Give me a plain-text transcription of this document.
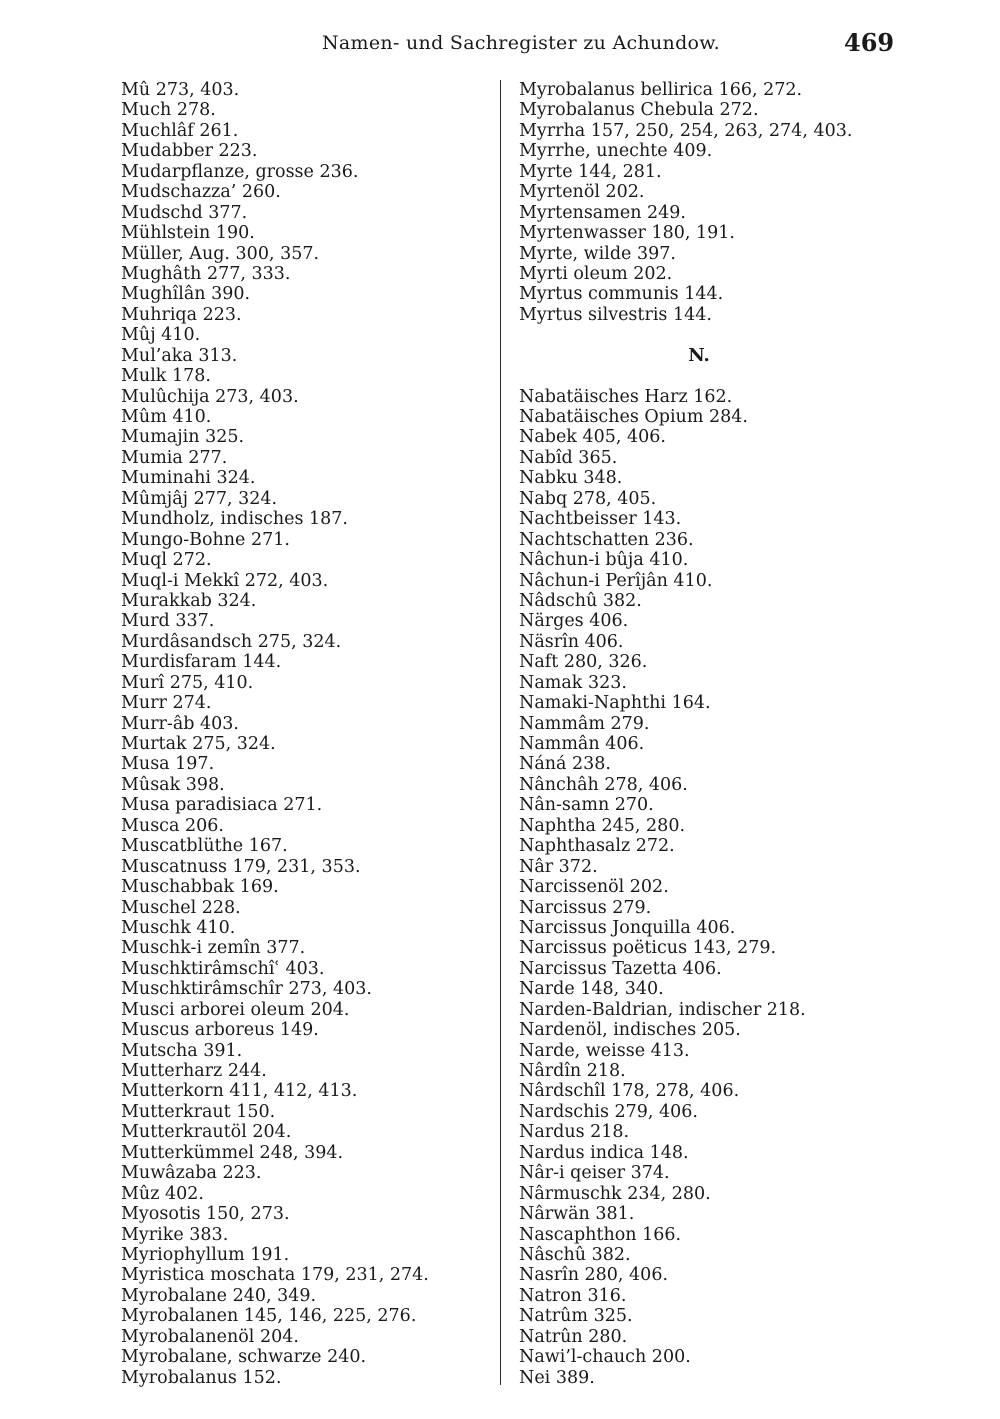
Namen- und Sachregister zu Achundow.	469
Mû 273, 403.
Much 278.
Muchlâf 261.
Mudabber 223.
Mudarpflanze, grosse 236.
Mudschazza’ 260.
Mudschd 377.
Mühlstein 190.
Müller, Aug. 300, 357.
Mughâth 277, 333.
Mughîlân 390.
Muhriqa 223.
Mûj 410.
Mul’aka 313.
Mulk 178.
Mulûchija 273, 403.
Mûm 410.
Mumajin 325.
Mumia 277.
Muminahi 324.
Mûmjâj 277, 324.
Mundholz, indisches 187.
Mungo-Bohne 271.
Muql 272.
Muql-i Mekkî 272, 403.
Murakkab 324.
Murd 337.
Murdâsandsch 275, 324.
Murdisfaram 144.
Murî 275, 410.
Murr 274.
Murr-âb 403.
Murtak 275, 324.
Musa 197.
Mûsak 398.
Musa paradisiaca 271.
Musca 206.
Muscatblüthe 167.
Muscatnuss 179, 231, 353.
Muschabbak 169.
Muschel 228.
Muschk 410.
Muschk-i zemîn 377.
Muschktirâmschîʿ 403.
Muschktirâmschîr 273, 403.
Musci arborei oleum 204.
Muscus arboreus 149.
Mutscha 391.
Mutterharz 244.
Mutterkorn 411, 412, 413.
Mutterkraut 150.
Mutterkrautöl 204.
Mutterkümmel 248, 394.
Muwâzaba 223.
Mûz 402.
Myosotis 150, 273.
Myrike 383.
Myriophyllum 191.
Myristica moschata 179, 231, 274.
Myrobalane 240, 349.
Myrobalanen 145, 146, 225, 276.
Myrobalanenöl 204.
Myrobalane, schwarze 240.
Myrobalanus 152.
Myrobalanus bellirica 166, 272.
Myrobalanus Chebula 272.
Myrrha 157, 250, 254, 263, 274, 403.
Myrrhe, unechte 409.
Myrte 144, 281.
Myrtenöl 202.
Myrtensamen 249.
Myrtenwasser 180, 191.
Myrte, wilde 397.
Myrti oleum 202.
Myrtus communis 144.
Myrtus silvestris 144.
N.
Nabatäisches Harz 162.
Nabatäisches Opium 284.
Nabek 405, 406.
Nabîd 365.
Nabku 348.
Nabq 278, 405.
Nachtbeisser 143.
Nachtschatten 236.
Nâchun-i bûja 410.
Nâchun-i Perîjân 410.
Nâdschû 382.
Närges 406.
Näsrîn 406.
Naft 280, 326.
Namak 323.
Namaki-Naphthi 164.
Nammâm 279.
Nammân 406.
Náná 238.
Nânchâh 278, 406.
Nân-samn 270.
Naphtha 245, 280.
Naphthasalz 272.
Nâr 372.
Narcissenöl 202.
Narcissus 279.
Narcissus Jonquilla 406.
Narcissus poëticus 143, 279.
Narcissus Tazetta 406.
Narde 148, 340.
Narden-Baldrian, indischer 218.
Nardenöl, indisches 205.
Narde, weisse 413.
Nârdîn 218.
Nârdschîl 178, 278, 406.
Nardschis 279, 406.
Nardus 218.
Nardus indica 148.
Nâr-i qeiser 374.
Nârmuschk 234, 280.
Nârwän 381.
Nascaphthon 166.
Nâschû 382.
Nasrîn 280, 406.
Natron 316.
Natrûm 325.
Natrûn 280.
Nawi’l-chauch 200.
Nei 389.
